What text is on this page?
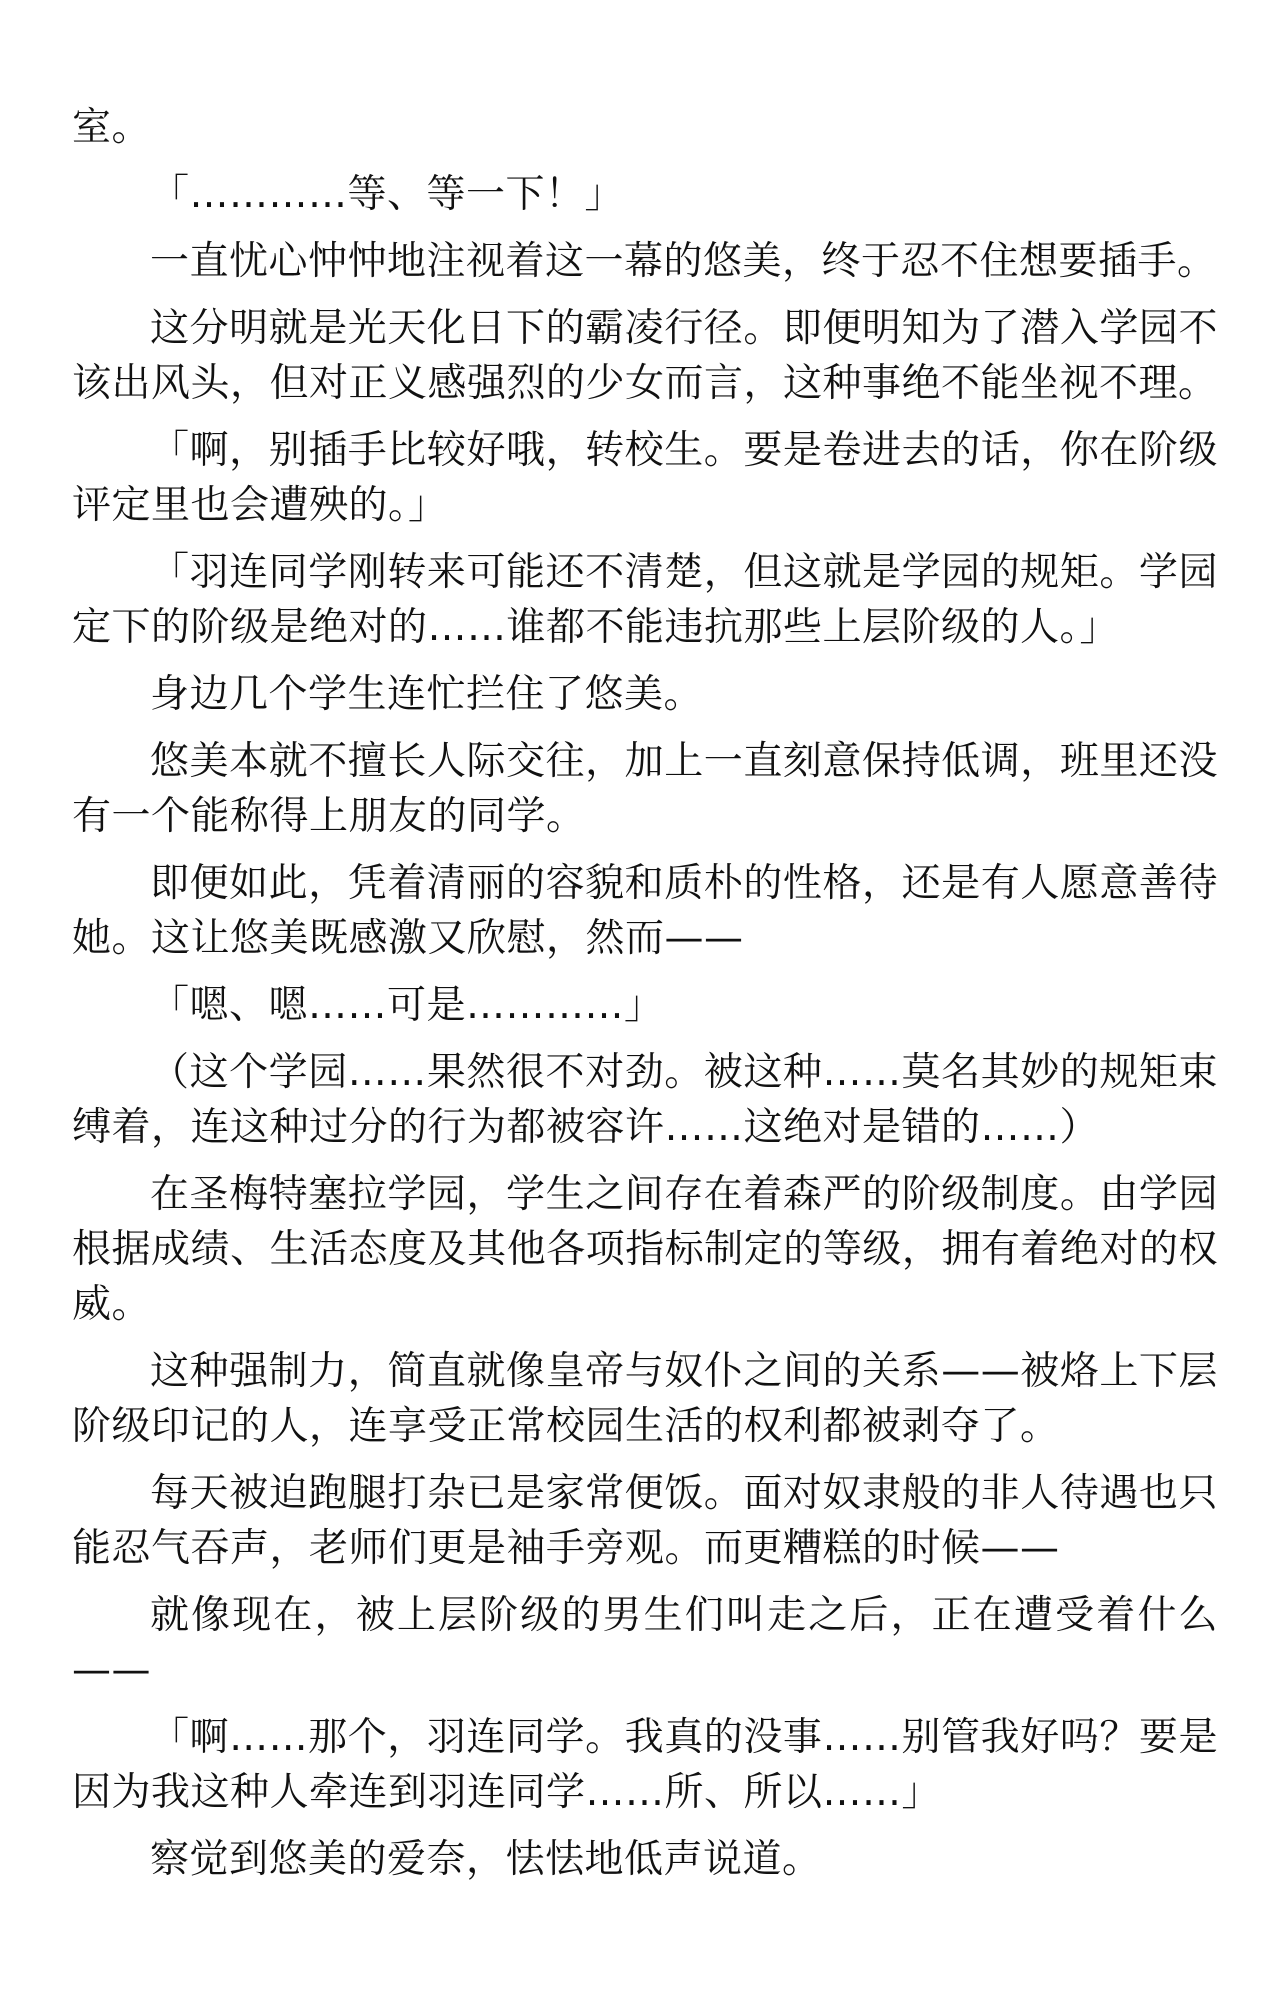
室。

「…………等、等一下！」

一直忧心忡忡地注视着这一幕的悠美，终于忍不住想要插手。

这分明就是光天化日下的霸凌行径。即便明知为了潜入学园不该出风头，但对正义感强烈的少女而言，这种事绝不能坐视不理。

「啊，别插手比较好哦，转校生。要是卷进去的话，你在阶级评定里也会遭殃的。」

「羽连同学刚转来可能还不清楚，但这就是学园的规矩。学园定下的阶级是绝对的……谁都不能违抗那些上层阶级的人。」

身边几个学生连忙拦住了悠美。

悠美本就不擅长人际交往，加上一直刻意保持低调，班里还没有一个能称得上朋友的同学。

即便如此，凭着清丽的容貌和质朴的性格，还是有人愿意善待她。这让悠美既感激又欣慰，然而——

「嗯、嗯……可是…………」

（这个学园……果然很不对劲。被这种……莫名其妙的规矩束缚着，连这种过分的行为都被容许……这绝对是错的……）

在圣梅特塞拉学园，学生之间存在着森严的阶级制度。由学园根据成绩、生活态度及其他各项指标制定的等级，拥有着绝对的权威。

这种强制力，简直就像皇帝与奴仆之间的关系——被烙上下层阶级印记的人，连享受正常校园生活的权利都被剥夺了。

每天被迫跑腿打杂已是家常便饭。面对奴隶般的非人待遇也只能忍气吞声，老师们更是袖手旁观。而更糟糕的时候——

就像现在，被上层阶级的男生们叫走之后，正在遭受着什么——

「啊……那个，羽连同学。我真的没事……别管我好吗？要是因为我这种人牵连到羽连同学……所、所以……」

察觉到悠美的爱奈，怯怯地低声说道。
